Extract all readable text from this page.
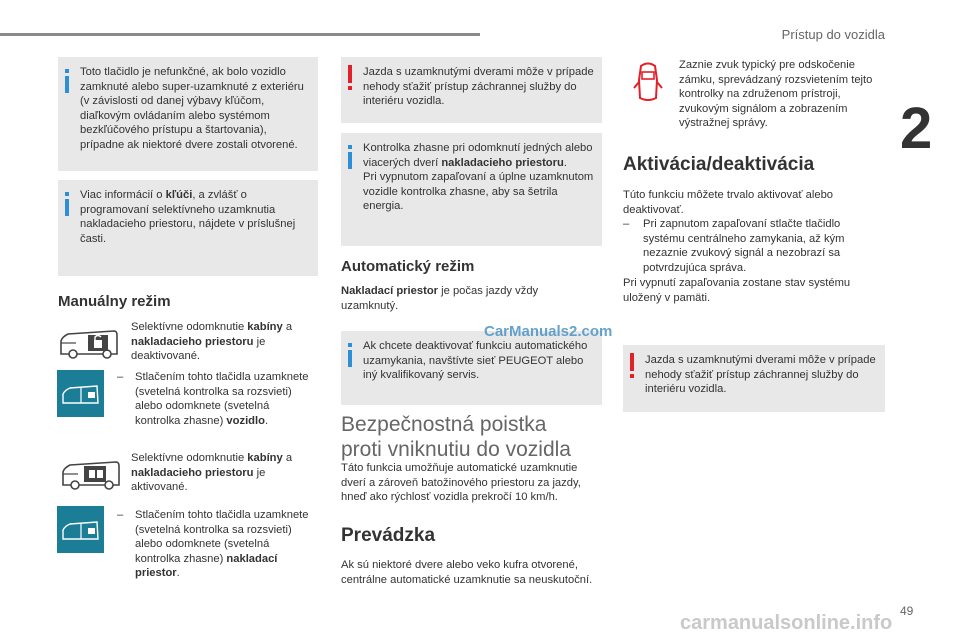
Prístup do vozidla
2
49
Toto tlačidlo je nefunkčné, ak bolo vozidlo zamknuté alebo super-uzamknuté z exteriéru (v závislosti od danej výbavy kľúčom, diaľkovým ovládaním alebo systémom bezkľúčového prístupu a štartovania), prípadne ak niektoré dvere zostali otvorené.
Viac informácií o kľúči, a zvlášť o programovaní selektívneho uzamknutia nakladacieho priestoru, nájdete v príslušnej časti.
Manuálny režim
Selektívne odomknutie kabíny a nakladacieho priestoru je deaktivované.
– Stlačením tohto tlačidla uzamknete (svetelná kontrolka sa rozsvieti) alebo odomknete (svetelná kontrolka zhasne) vozidlo.
Selektívne odomknutie kabíny a nakladacieho priestoru je aktivované.
– Stlačením tohto tlačidla uzamknete (svetelná kontrolka sa rozsvieti) alebo odomknete (svetelná kontrolka zhasne) nakladací priestor.
Jazda s uzamknutými dverami môže v prípade nehody sťažiť prístup záchrannej služby do interiéru vozidla.
Kontrolka zhasne pri odomknutí jedných alebo viacerých dverí nakladacieho priestoru.
Pri vypnutom zapaľovaní a úplne uzamknutom vozidle kontrolka zhasne, aby sa šetrila energia.
Automatický režim
Nakladací priestor je počas jazdy vždy uzamknutý.
Ak chcete deaktivovať funkciu automatického uzamykania, navštívte sieť PEUGEOT alebo iný kvalifikovaný servis.
Bezpečnostná poistka
proti vniknutiu do vozidla
Táto funkcia umožňuje automatické uzamknutie dverí a zároveň batožinového priestoru za jazdy, hneď ako rýchlosť vozidla prekročí 10 km/h.
Prevádzka
Ak sú niektoré dvere alebo veko kufra otvorené, centrálne automatické uzamknutie sa neuskutoční.
Zaznie zvuk typický pre odskočenie zámku, sprevádzaný rozsvietením tejto kontrolky na združenom prístroji, zvukovým signálom a zobrazením výstražnej správy.
Aktivácia/deaktivácia
Túto funkciu môžete trvalo aktivovať alebo deaktivovať.
–	Pri zapnutom zapaľovaní stlačte tlačidlo systému centrálneho zamykania, až kým nezaznie zvukový signál a nezobrazí sa potvrdzujúca správa.
Pri vypnutí zapaľovania zostane stav systému uložený v pamäti.
Jazda s uzamknutými dverami môže v prípade nehody sťažiť prístup záchrannej služby do interiéru vozidla.
CarManuals2.com
carmanualsonline.info
